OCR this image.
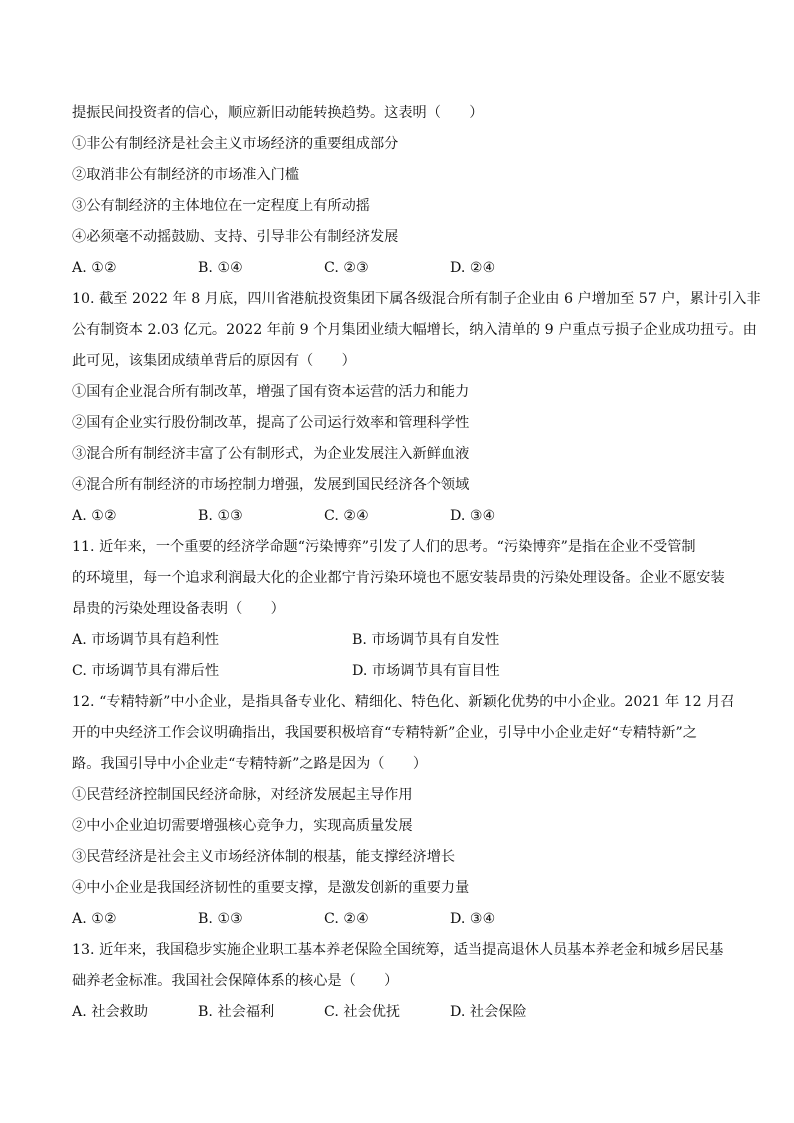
提振民间投资者的信心，顺应新旧动能转换趋势。这表明（　　）
①非公有制经济是社会主义市场经济的重要组成部分
②取消非公有制经济的市场准入门槛
③公有制经济的主体地位在一定程度上有所动摇
④必须毫不动摇鼓励、支持、引导非公有制经济发展
A. ①②	B. ①④	C. ②③	D. ②④
10. 截至 2022 年 8 月底，四川省港航投资集团下属各级混合所有制子企业由 6 户增加至 57 户，累计引入非
公有制资本 2.03 亿元。2022 年前 9 个月集团业绩大幅增长，纳入清单的 9 户重点亏损子企业成功扭亏。由
此可见，该集团成绩单背后的原因有（　　）
①国有企业混合所有制改革，增强了国有资本运营的活力和能力
②国有企业实行股份制改革，提高了公司运行效率和管理科学性
③混合所有制经济丰富了公有制形式，为企业发展注入新鲜血液
④混合所有制经济的市场控制力增强，发展到国民经济各个领域
A. ①②	B. ①③	C. ②④	D. ③④
11. 近年来，一个重要的经济学命题“污染博弈”引发了人们的思考。“污染博弈”是指在企业不受管制
的环境里，每一个追求利润最大化的企业都宁肯污染环境也不愿安装昂贵的污染处理设备。企业不愿安装
昂贵的污染处理设备表明（　　）
A. 市场调节具有趋利性	B. 市场调节具有自发性
C. 市场调节具有滞后性	D. 市场调节具有盲目性
12. “专精特新”中小企业，是指具备专业化、精细化、特色化、新颖化优势的中小企业。2021 年 12 月召
开的中央经济工作会议明确指出，我国要积极培育“专精特新”企业，引导中小企业走好“专精特新”之
路。我国引导中小企业走“专精特新”之路是因为（　　）
①民营经济控制国民经济命脉，对经济发展起主导作用
②中小企业迫切需要增强核心竞争力，实现高质量发展
③民营经济是社会主义市场经济体制的根基，能支撑经济增长
④中小企业是我国经济韧性的重要支撑，是激发创新的重要力量
A. ①②	B. ①③	C. ②④	D. ③④
13. 近年来，我国稳步实施企业职工基本养老保险全国统筹，适当提高退休人员基本养老金和城乡居民基
础养老金标准。我国社会保障体系的核心是（　　）
A. 社会救助	B. 社会福利	C. 社会优抚	D. 社会保险
